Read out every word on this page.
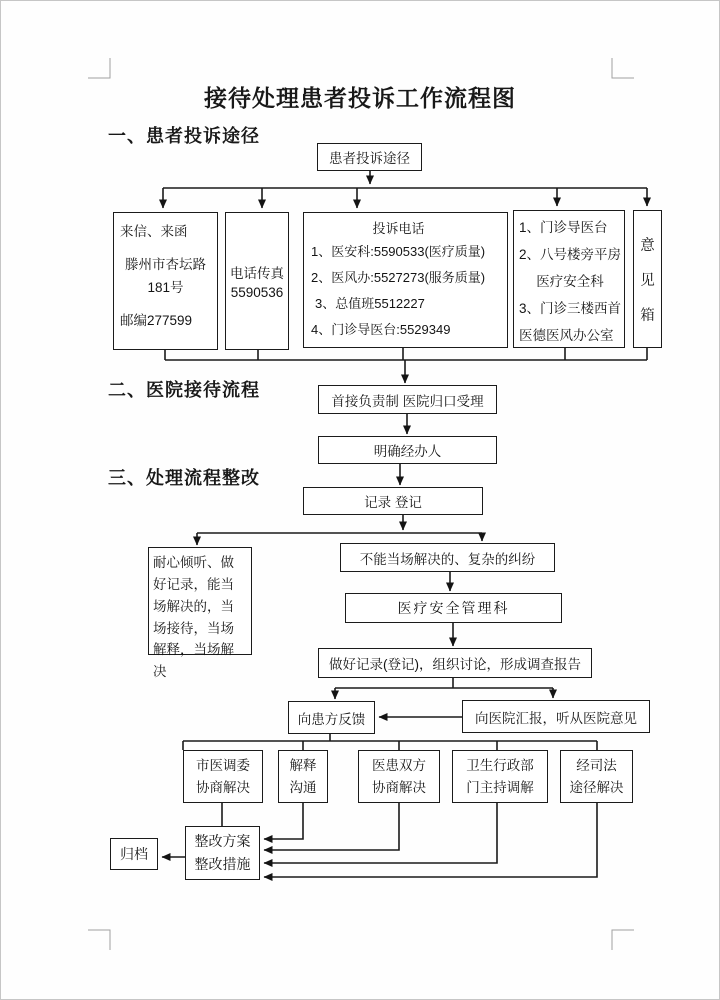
接待处理患者投诉工作流程图
一、患者投诉途径
二、医院接待流程
三、处理流程整改
患者投诉途径
来信、来函
滕州市杏坛路
181号
邮编277599
电话传真
5590536
投诉电话
1、医安科:5590533(医疗质量)
2、医风办:5527273(服务质量)
3、总值班5512227
4、门诊导医台:5529349
1、门诊导医台
2、八号楼旁平房
医疗安全科
3、门诊三楼西首
医德医风办公室
意
见
箱
首接负责制 医院归口受理
明确经办人
记录 登记
耐心倾听、做好记录，能当场解决的，当场接待，当场解释，当场解决
不能当场解决的、复杂的纠纷
医疗安全管理科
做好记录(登记)，组织讨论，形成调查报告
向患方反馈	向医院汇报，听从医院意见
市医调委
协商解决
解释
沟通
医患双方
协商解决
卫生行政部
门主持调解
经司法
途径解决
整改方案
整改措施
归档
